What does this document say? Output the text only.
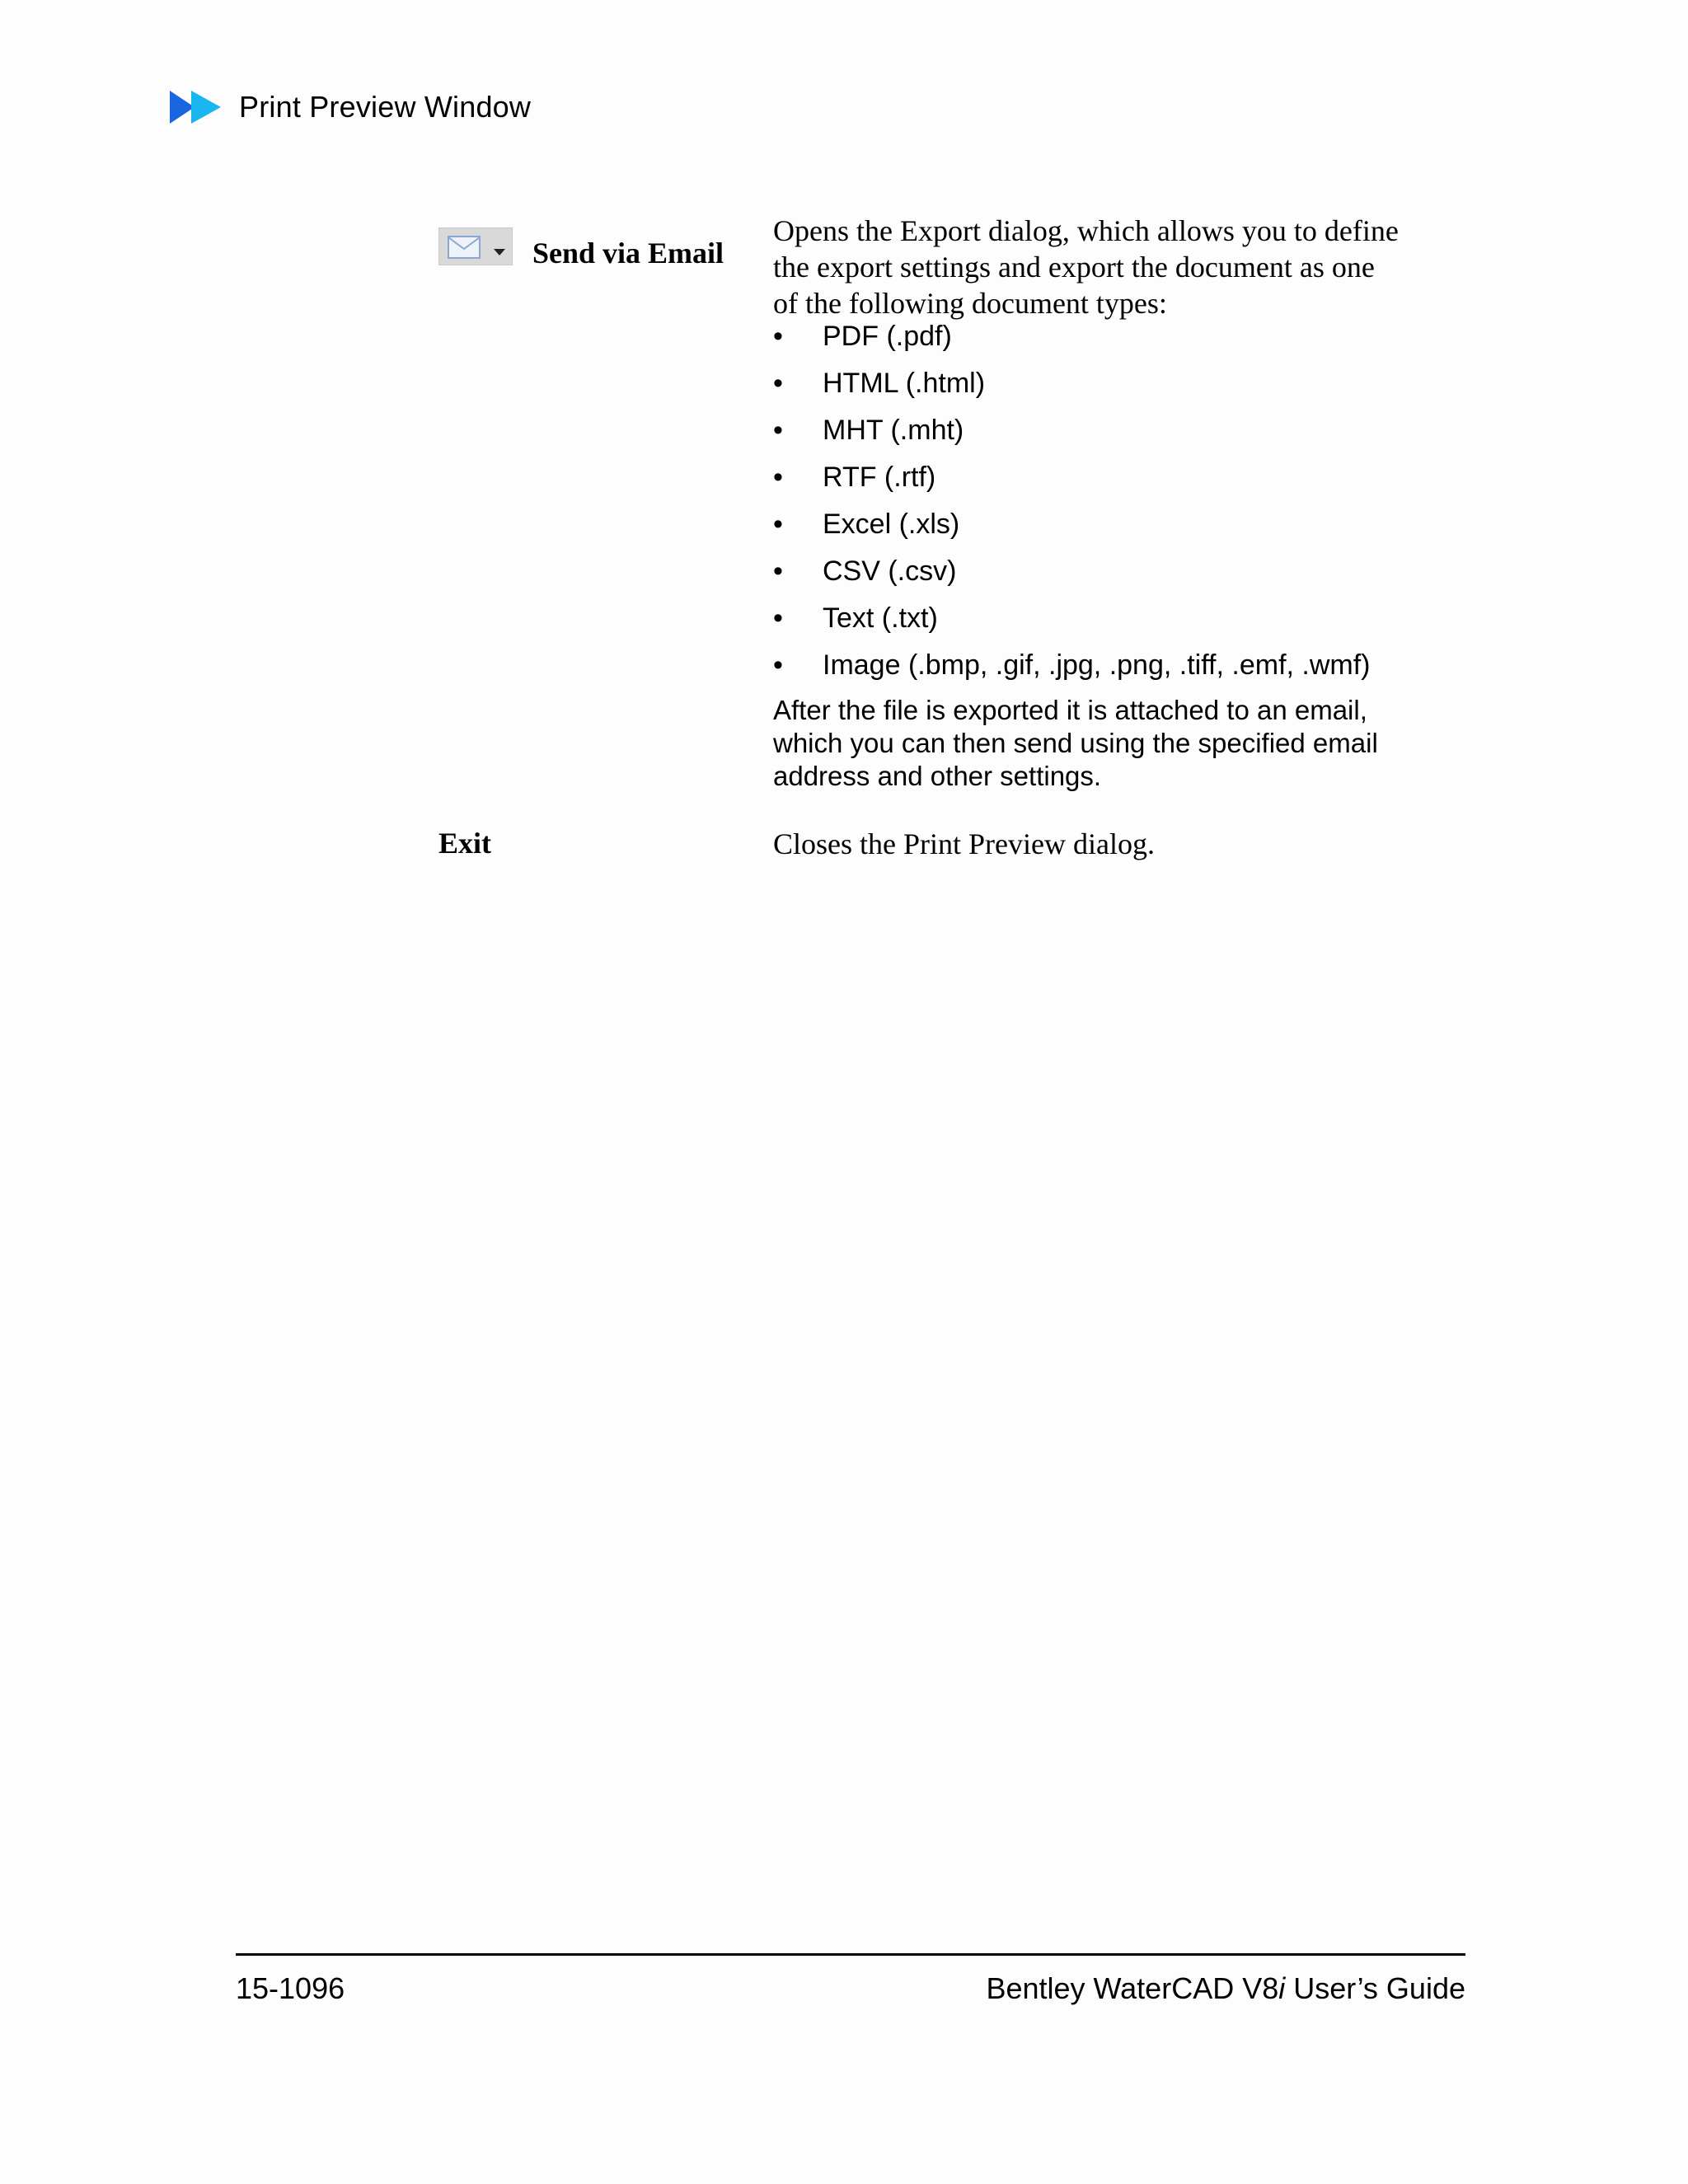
Print Preview Window
Send via Email
Opens the Export dialog, which allows you to define the export settings and export the document as one of the following document types:
• PDF (.pdf)
• HTML (.html)
• MHT (.mht)
• RTF (.rtf)
• Excel (.xls)
• CSV (.csv)
• Text (.txt)
• Image (.bmp, .gif, .jpg, .png, .tiff, .emf, .wmf)
After the file is exported it is attached to an email, which you can then send using the specified email address and other settings.
Exit	Closes the Print Preview dialog.
15-1096	Bentley WaterCAD V8i User’s Guide
